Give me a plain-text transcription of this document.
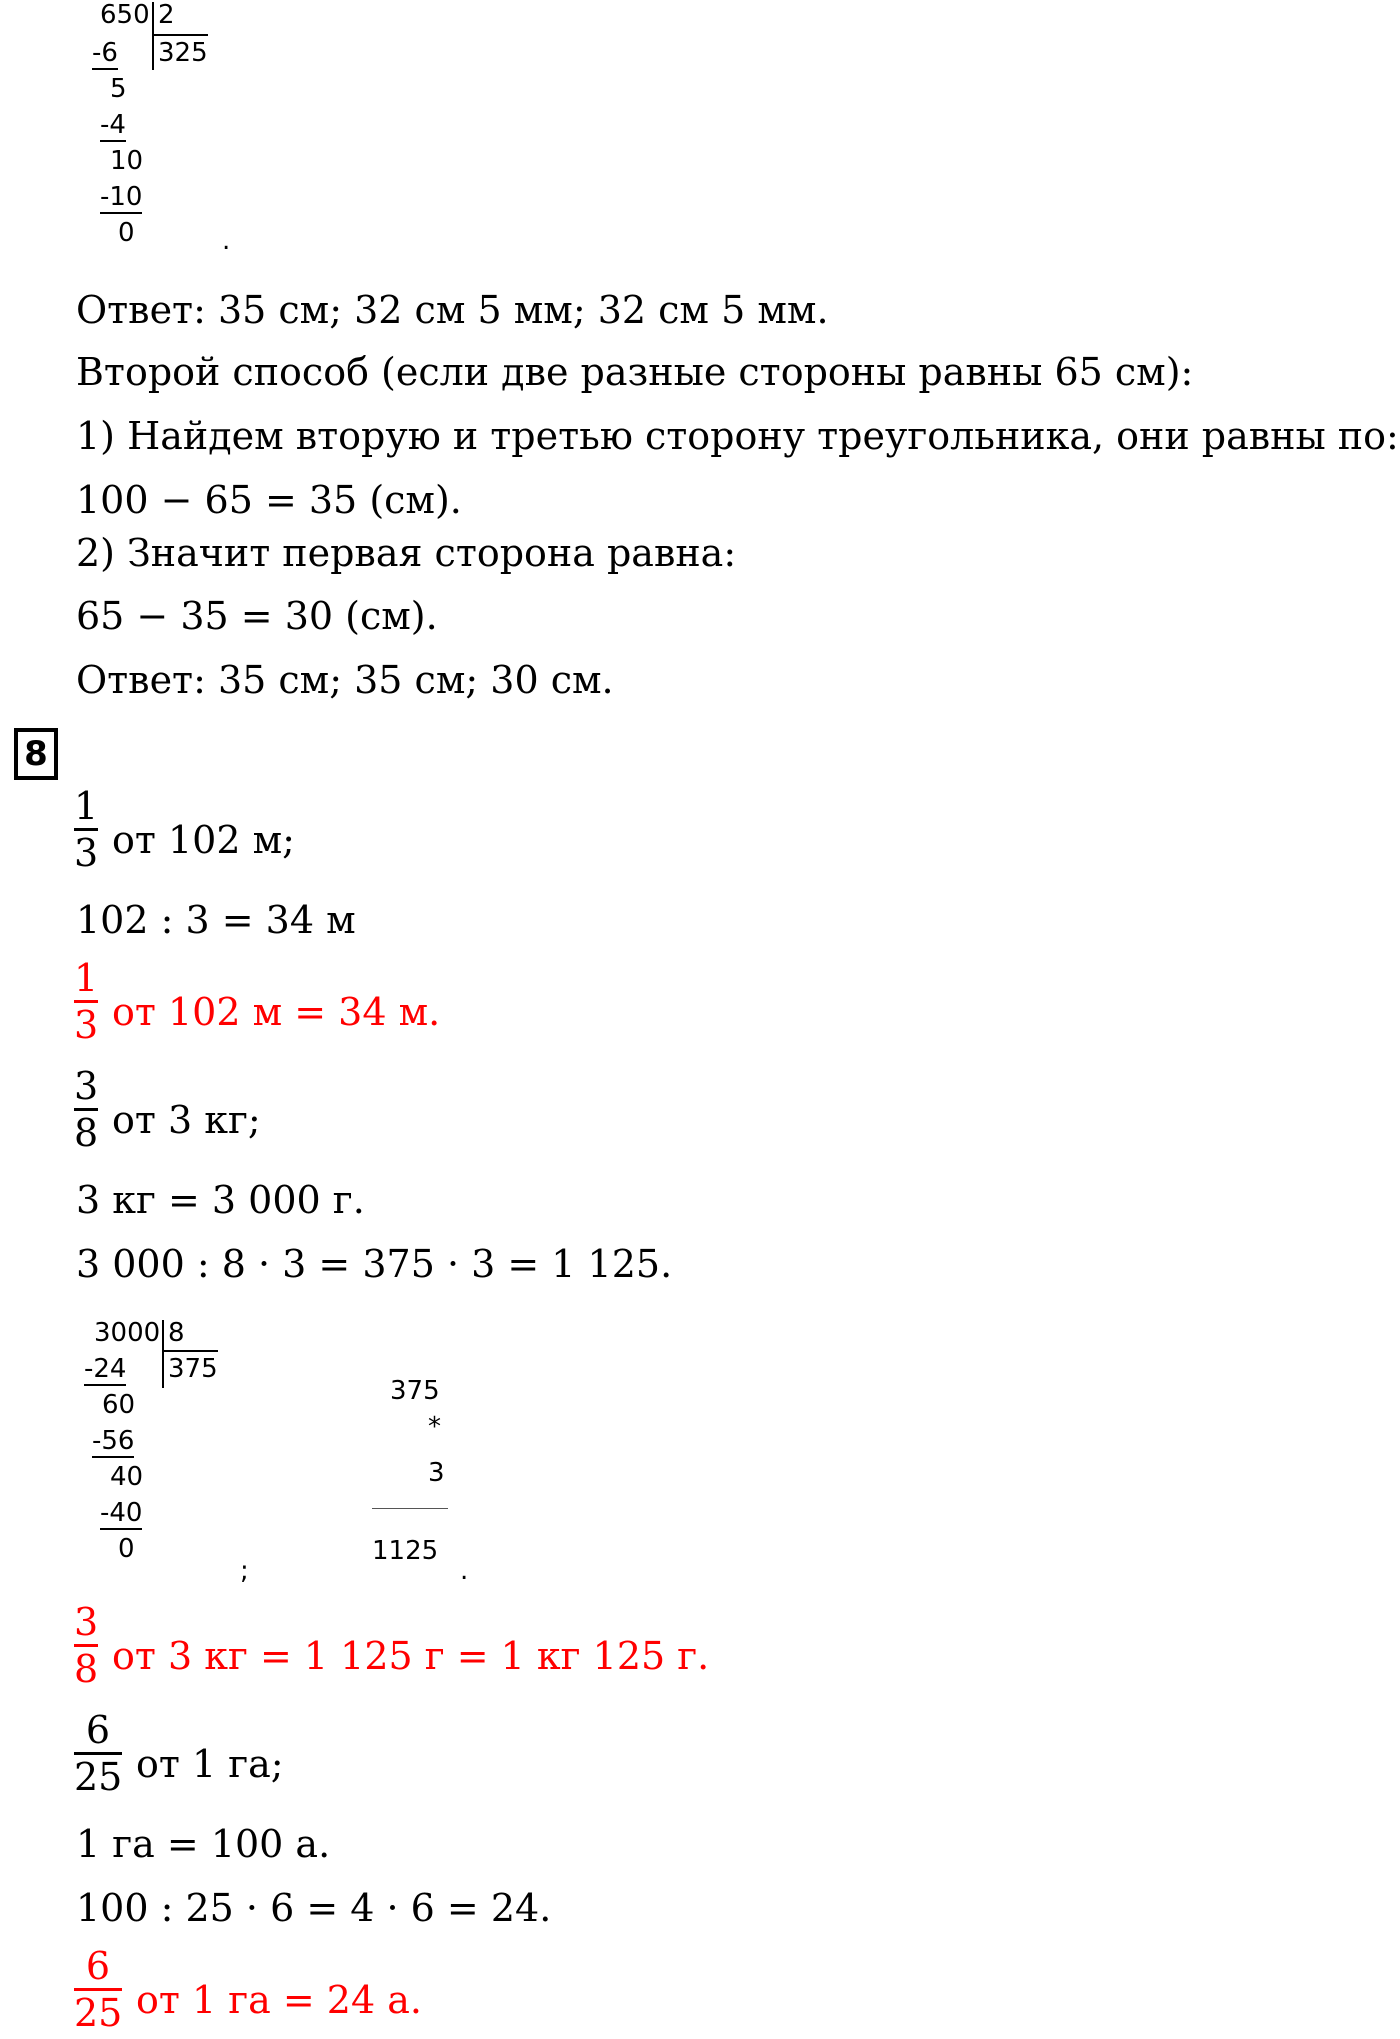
650 2
325
-6
5
-4
10
-10
0	.
Ответ: 35 см; 32 см 5 мм; 32 см 5 мм.
Второй способ (если две разные стороны равны 65 см):
1) Найдем вторую и третью сторону треугольника, они равны по:
100 − 65 = 35 (см).
2) Значит первая сторона равна:
65 − 35 = 30 (см).
Ответ: 35 см; 35 см; 30 см.
8
1
3 от 102 м;
102 : 3 = 34 м
1
3 от 102 м = 34 м.
3
8 от 3 кг;
3 кг = 3 000 г.
3 000 : 8 · 3 = 375 · 3 = 1 125.
3000 8
375
-24
60
-56
40
-40
0
;
375
*
3
1125
.
3
8 от 3 кг = 1 125 г = 1 кг 125 г.
6
25 от 1 га;
1 га = 100 а.
100 : 25 · 6 = 4 · 6 = 24.
6
25 от 1 га = 24 а.
